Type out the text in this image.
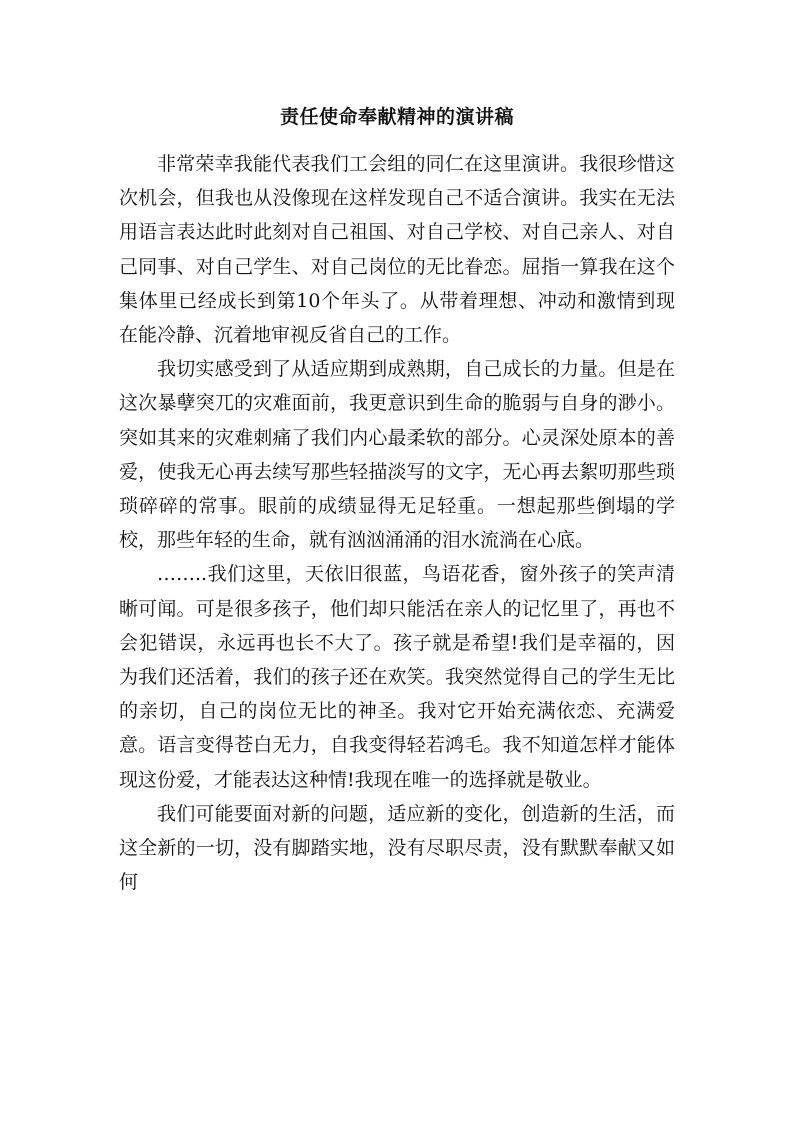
责任使命奉献精神的演讲稿

非常荣幸我能代表我们工会组的同仁在这里演讲。我很珍惜这次机会，但我也从没像现在这样发现自己不适合演讲。我实在无法用语言表达此时此刻对自己祖国、对自己学校、对自己亲人、对自己同事、对自己学生、对自己岗位的无比眷恋。屈指一算我在这个集体里已经成长到第10个年头了。从带着理想、冲动和激情到现在能冷静、沉着地审视反省自己的工作。

我切实感受到了从适应期到成熟期，自己成长的力量。但是在这次暴孽突兀的灾难面前，我更意识到生命的脆弱与自身的渺小。突如其来的灾难刺痛了我们内心最柔软的部分。心灵深处原本的善爱，使我无心再去续写那些轻描淡写的文字，无心再去絮叨那些琐琐碎碎的常事。眼前的成绩显得无足轻重。一想起那些倒塌的学校，那些年轻的生命，就有汹汹涌涌的泪水流淌在心底。

……..我们这里，天依旧很蓝，鸟语花香，窗外孩子的笑声清晰可闻。可是很多孩子，他们却只能活在亲人的记忆里了，再也不会犯错误，永远再也长不大了。孩子就是希望!我们是幸福的，因为我们还活着，我们的孩子还在欢笑。我突然觉得自己的学生无比的亲切，自己的岗位无比的神圣。我对它开始充满依恋、充满爱意。语言变得苍白无力，自我变得轻若鸿毛。我不知道怎样才能体现这份爱，才能表达这种情!我现在唯一的选择就是敬业。

我们可能要面对新的问题，适应新的变化，创造新的生活，而这全新的一切，没有脚踏实地，没有尽职尽责，没有默默奉献又如何
